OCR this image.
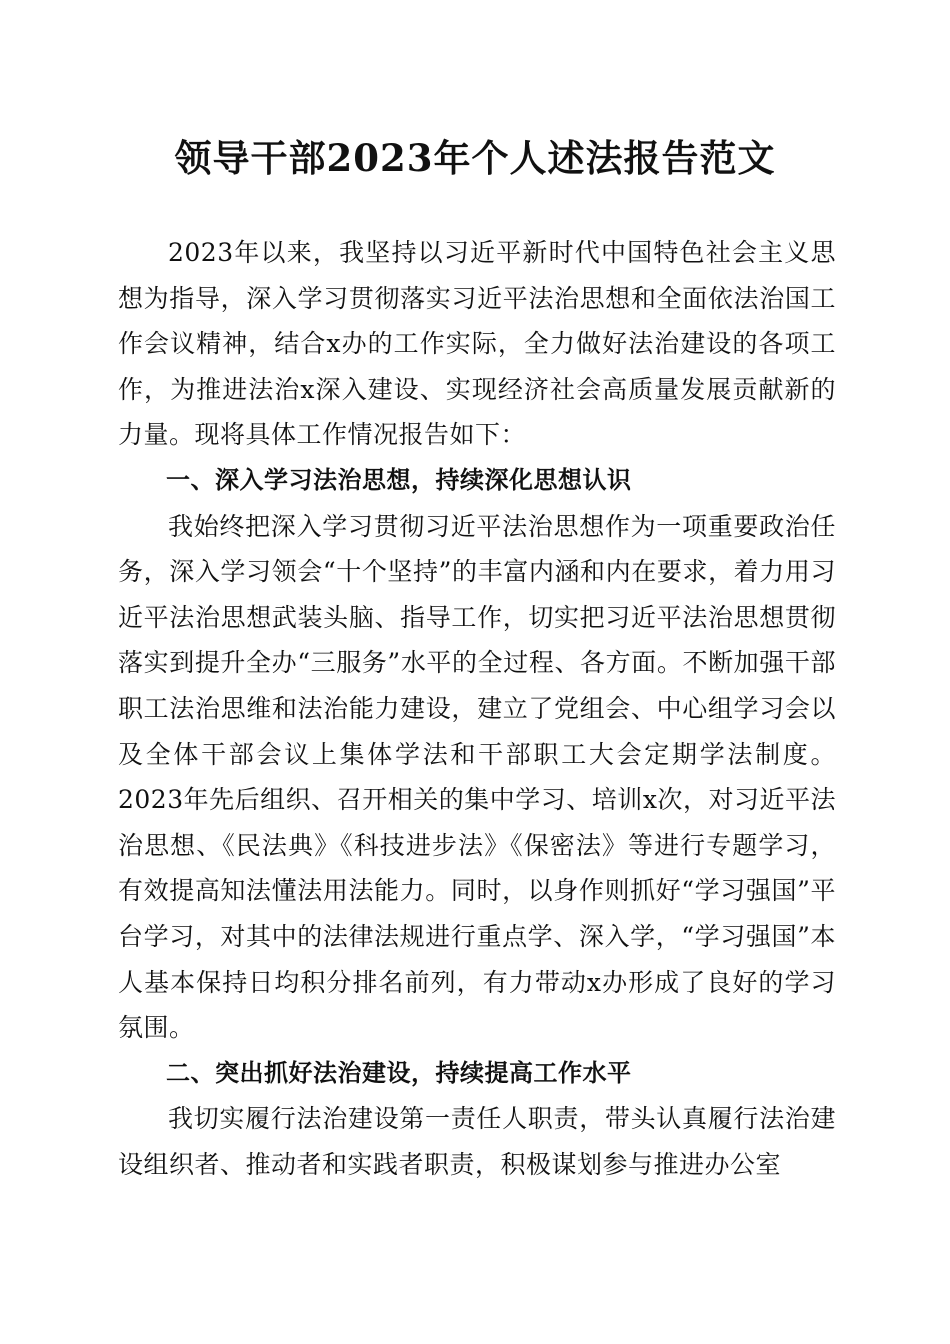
领导干部2023年个人述法报告范文

2023年以来，我坚持以习近平新时代中国特色社会主义思想为指导，深入学习贯彻落实习近平法治思想和全面依法治国工作会议精神，结合x办的工作实际，全力做好法治建设的各项工作，为推进法治x深入建设、实现经济社会高质量发展贡献新的力量。现将具体工作情况报告如下：

一、深入学习法治思想，持续深化思想认识

我始终把深入学习贯彻习近平法治思想作为一项重要政治任务，深入学习领会“十个坚持”的丰富内涵和内在要求，着力用习近平法治思想武装头脑、指导工作，切实把习近平法治思想贯彻落实到提升全办“三服务”水平的全过程、各方面。不断加强干部职工法治思维和法治能力建设，建立了党组会、中心组学习会以及全体干部会议上集体学法和干部职工大会定期学法制度。2023年先后组织、召开相关的集中学习、培训x次，对习近平法治思想、《民法典》《科技进步法》《保密法》等进行专题学习，有效提高知法懂法用法能力。同时，以身作则抓好“学习强国”平台学习，对其中的法律法规进行重点学、深入学，“学习强国”本人基本保持日均积分排名前列，有力带动x办形成了良好的学习氛围。

二、突出抓好法治建设，持续提高工作水平

我切实履行法治建设第一责任人职责，带头认真履行法治建设组织者、推动者和实践者职责，积极谋划参与推进办公室
